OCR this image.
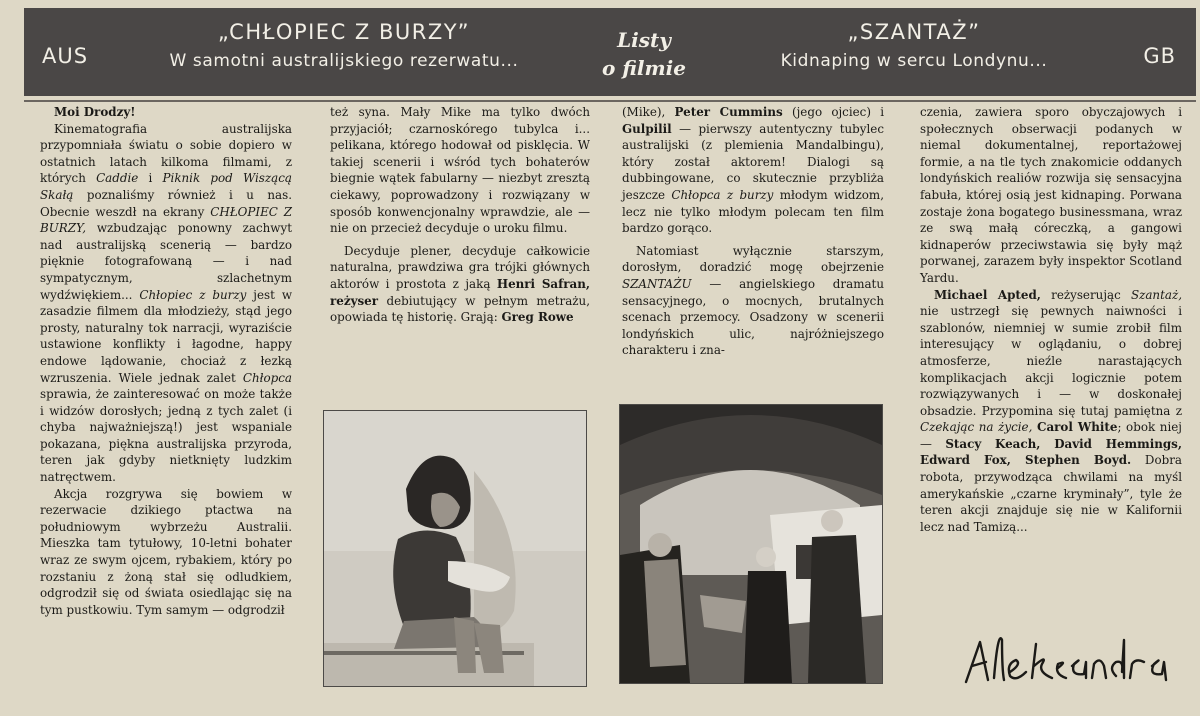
AUS
„CHŁOPIEC Z BURZY”
W samotni australijskiego rezerwatu...
Listy
o filmie
„SZANTAŻ”
Kidnaping w sercu Londynu...	GB

Moi Drodzy!

Kinematografia australijska przypomniała światu o sobie dopiero w ostatnich latach kilkoma filmami, z których Caddie i Piknik pod Wiszącą Skałą poznaliśmy również i u nas. Obecnie weszdł na ekrany CHŁOPIEC Z BURZY, wzbudzając ponowny zachwyt nad australijską scenerią — bardzo pięknie fotografowaną — i nad sympatycznym, szlachetnym wydźwiękiem... Chłopiec z burzy jest w zasadzie filmem dla młodzieży, stąd jego prosty, naturalny tok narracji, wyraziście ustawione konflikty i łagodne, happy endowe lądowanie, chociaż z łezką wzruszenia. Wiele jednak zalet Chłopca sprawia, że zainteresować on może także i widzów dorosłych; jedną z tych zalet (i chyba najważniejszą!) jest wspaniale pokazana, piękna australijska przyroda, teren jak gdyby nietknięty ludzkim natręctwem.

Akcja rozgrywa się bowiem w rezerwacie dzikiego ptactwa na południowym wybrzeżu Australii. Mieszka tam tytułowy, 10-letni bohater wraz ze swym ojcem, rybakiem, który po rozstaniu z żoną stał się odludkiem, odgrodził się od świata osiedlając się na tym pustkowiu. Tym samym — odgrodził

też syna. Mały Mike ma tylko dwóch przyjaciół; czarnoskórego tubylca i... pelikana, którego hodował od pisklęcia. W takiej scenerii i wśród tych bohaterów biegnie wątek fabularny — niezbyt zresztą ciekawy, poprowadzony i rozwiązany w sposób konwencjonalny wprawdzie, ale — nie on przecież decyduje o uroku filmu.

Decyduje plener, decyduje całkowicie naturalna, prawdziwa gra trójki głównych aktorów i prostota z jaką Henri Safran, reżyser debiutujący w pełnym metrażu, opowiada tę historię. Grają: Greg Rowe

(Mike), Peter Cummins (jego ojciec) i Gulpilil — pierwszy autentyczny tubylec australijski (z plemienia Mandalbingu), który został aktorem! Dialogi są dubbingowane, co skutecznie przybliża jeszcze Chłopca z burzy młodym widzom, lecz nie tylko młodym polecam ten film bardzo gorąco.

Natomiast wyłącznie starszym, dorosłym, doradzić mogę obejrzenie SZANTAŻU — angielskiego dramatu sensacyjnego, o mocnych, brutalnych scenach przemocy. Osadzony w scenerii londyńskich ulic, najróżniejszego charakteru i zna-

czenia, zawiera sporo obyczajowych i społecznych obserwacji podanych w niemal dokumentalnej, reportażowej formie, a na tle tych znakomicie oddanych londyńskich realiów rozwija się sensacyjna fabuła, której osią jest kidnaping. Porwana zostaje żona bogatego businessmana, wraz ze swą małą córeczką, a gangowi kidnaperów przeciwstawia się były mąż porwanej, zarazem były inspektor Scotland Yardu.

Michael Apted, reżyserując Szantaż, nie ustrzegł się pewnych naiwności i szablonów, niemniej w sumie zrobił film interesujący w oglądaniu, o dobrej atmosferze, nieźle narastających komplikacjach akcji logicznie potem rozwiązywanych i — w doskonałej obsadzie. Przypomina się tutaj pamiętna z Czekając na życie, Carol White; obok niej — Stacy Keach, David Hemmings, Edward Fox, Stephen Boyd. Dobra robota, przywodząca chwilami na myśl amerykańskie „czarne kryminały”, tyle że teren akcji znajduje się nie w Kalifornii lecz nad Tamizą...
